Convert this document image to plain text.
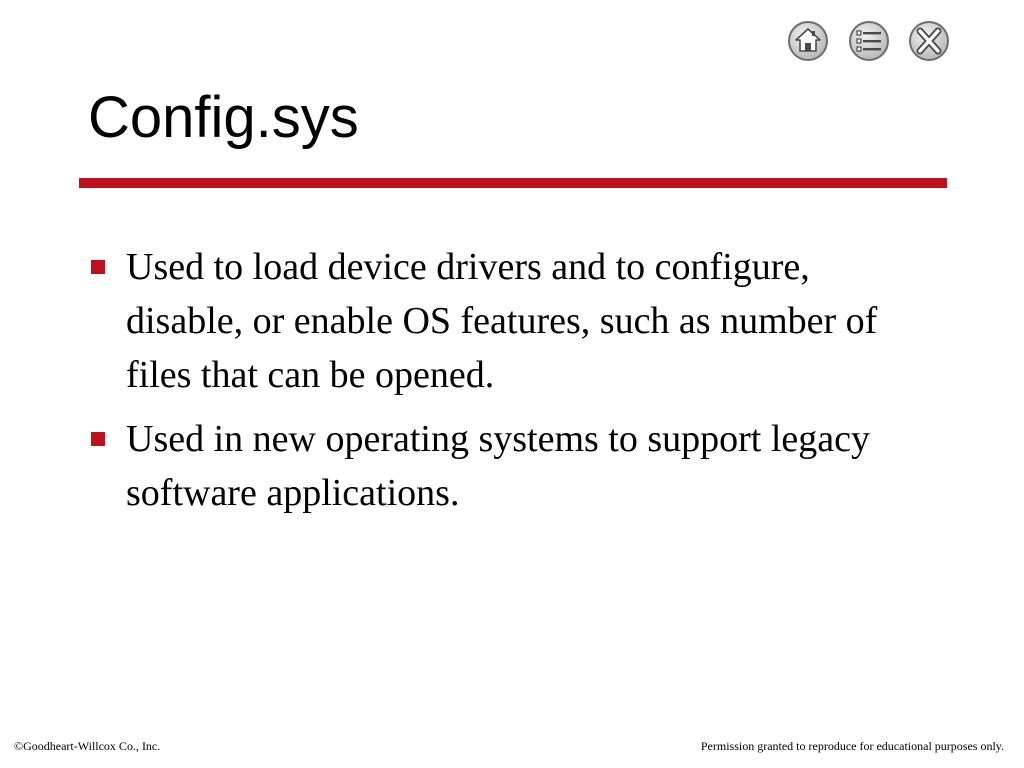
Config.sys
Used to load device drivers and to configure, disable, or enable OS features, such as number of files that can be opened.
Used in new operating systems to support legacy software applications.
©Goodheart-Willcox Co., Inc.	Permission granted to reproduce for educational purposes only.
